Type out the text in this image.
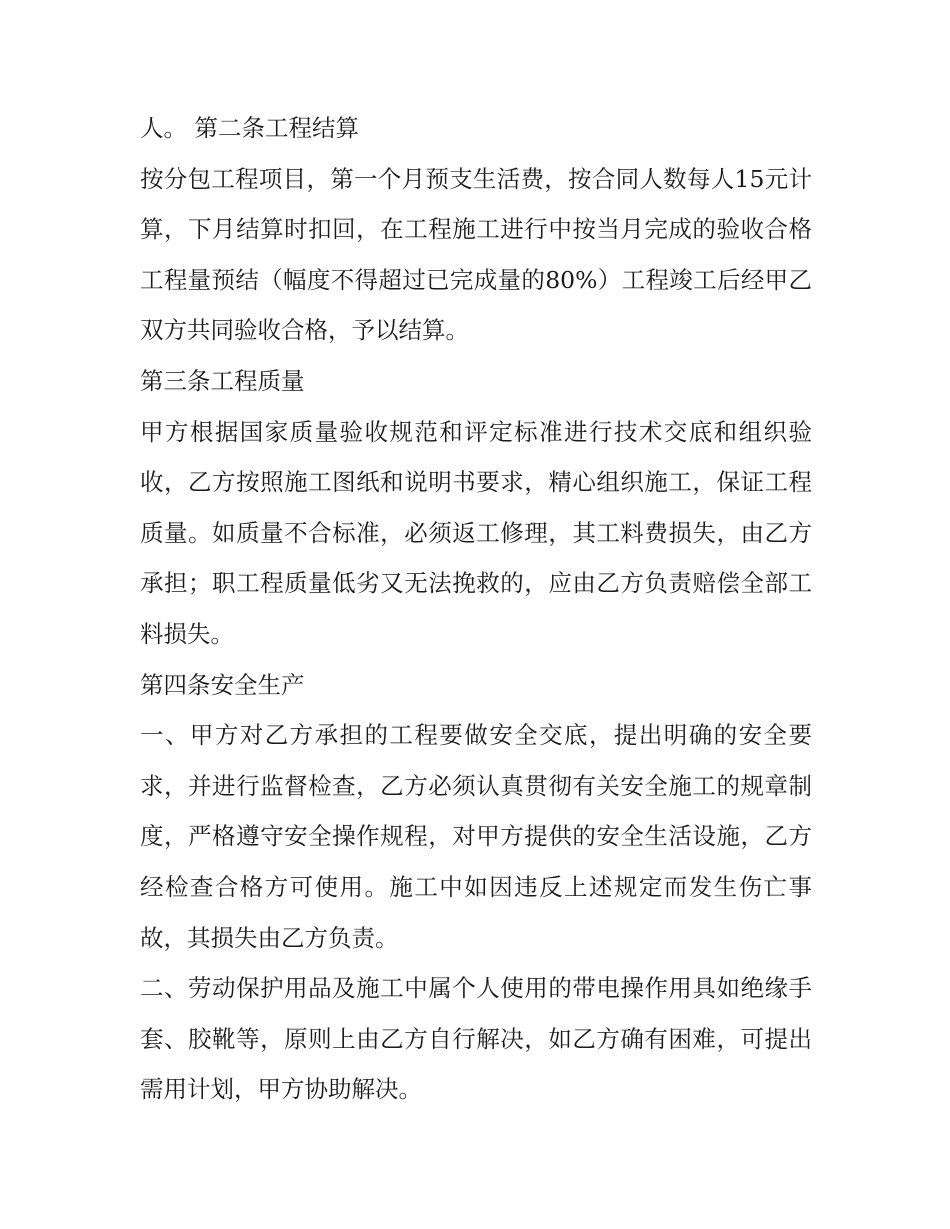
人。 第二条工程结算

按分包工程项目，第一个月预支生活费，按合同人数每人15元计算，下月结算时扣回，在工程施工进行中按当月完成的验收合格工程量预结（幅度不得超过已完成量的80%）工程竣工后经甲乙双方共同验收合格，予以结算。

第三条工程质量

甲方根据国家质量验收规范和评定标准进行技术交底和组织验收，乙方按照施工图纸和说明书要求，精心组织施工，保证工程质量。如质量不合标准，必须返工修理，其工料费损失，由乙方承担；职工程质量低劣又无法挽救的，应由乙方负责赔偿全部工料损失。

第四条安全生产

一、甲方对乙方承担的工程要做安全交底，提出明确的安全要求，并进行监督检查，乙方必须认真贯彻有关安全施工的规章制度，严格遵守安全操作规程，对甲方提供的安全生活设施，乙方经检查合格方可使用。施工中如因违反上述规定而发生伤亡事故，其损失由乙方负责。

二、劳动保护用品及施工中属个人使用的带电操作用具如绝缘手套、胶靴等，原则上由乙方自行解决，如乙方确有困难，可提出需用计划，甲方协助解决。
